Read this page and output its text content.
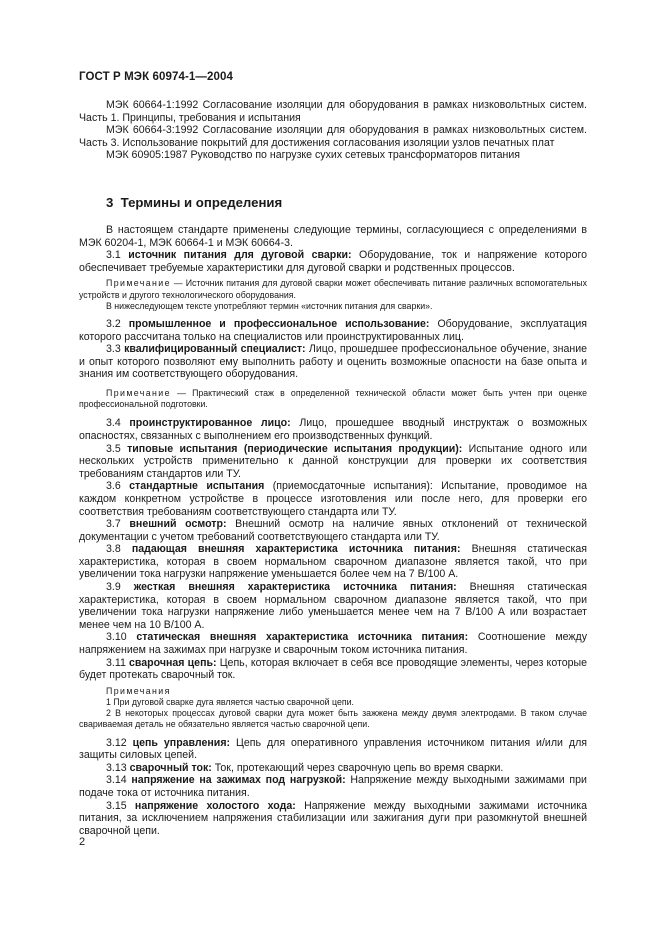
ГОСТ Р МЭК 60974-1—2004

МЭК 60664-1:1992 Согласование изоляции для оборудования в рамках низковольтных систем. Часть 1. Принципы, требования и испытания

МЭК 60664-3:1992 Согласование изоляции для оборудования в рамках низковольтных систем. Часть 3. Использование покрытий для достижения согласования изоляции узлов печатных плат

МЭК 60905:1987 Руководство по нагрузке сухих сетевых трансформаторов питания

3 Термины и определения

В настоящем стандарте применены следующие термины, согласующиеся с определениями в МЭК 60204-1, МЭК 60664-1 и МЭК 60664-3.

3.1 источник питания для дуговой сварки: Оборудование, ток и напряжение которого обеспечивает требуемые характеристики для дуговой сварки и родственных процессов.

Примечание — Источник питания для дуговой сварки может обеспечивать питание различных вспомогательных устройств и другого технологического оборудования.

В нижеследующем тексте употребляют термин «источник питания для сварки».

3.2 промышленное и профессиональное использование: Оборудование, эксплуатация которого рассчитана только на специалистов или проинструктированных лиц.

3.3 квалифицированный специалист: Лицо, прошедшее профессиональное обучение, знание и опыт которого позволяют ему выполнить работу и оценить возможные опасности на базе опыта и знания им соответствующего оборудования.

Примечание — Практический стаж в определенной технической области может быть учтен при оценке профессиональной подготовки.

3.4 проинструктированное лицо: Лицо, прошедшее вводный инструктаж о возможных опасностях, связанных с выполнением его производственных функций.

3.5 типовые испытания (периодические испытания продукции): Испытание одного или нескольких устройств применительно к данной конструкции для проверки их соответствия требованиям стандартов или ТУ.

3.6 стандартные испытания (приемосдаточные испытания): Испытание, проводимое на каждом конкретном устройстве в процессе изготовления или после него, для проверки его соответствия требованиям соответствующего стандарта или ТУ.

3.7 внешний осмотр: Внешний осмотр на наличие явных отклонений от технической документации с учетом требований соответствующего стандарта или ТУ.

3.8 падающая внешняя характеристика источника питания: Внешняя статическая характеристика, которая в своем нормальном сварочном диапазоне является такой, что при увеличении тока нагрузки напряжение уменьшается более чем на 7 В/100 А.

3.9 жесткая внешняя характеристика источника питания: Внешняя статическая характеристика, которая в своем нормальном сварочном диапазоне является такой, что при увеличении тока нагрузки напряжение либо уменьшается менее чем на 7 В/100 А или возрастает менее чем на 10 В/100 А.

3.10 статическая внешняя характеристика источника питания: Соотношение между напряжением на зажимах при нагрузке и сварочным током источника питания.

3.11 сварочная цепь: Цепь, которая включает в себя все проводящие элементы, через которые будет протекать сварочный ток.

Примечания

1 При дуговой сварке дуга является частью сварочной цепи.

2 В некоторых процессах дуговой сварки дуга может быть зажжена между двумя электродами. В таком случае свариваемая деталь не обязательно является частью сварочной цепи.

3.12 цепь управления: Цепь для оперативного управления источником питания и/или для защиты силовых цепей.

3.13 сварочный ток: Ток, протекающий через сварочную цепь во время сварки.

3.14 напряжение на зажимах под нагрузкой: Напряжение между выходными зажимами при подаче тока от источника питания.

3.15 напряжение холостого хода: Напряжение между выходными зажимами источника питания, за исключением напряжения стабилизации или зажигания дуги при разомкнутой внешней сварочной цепи.

2
